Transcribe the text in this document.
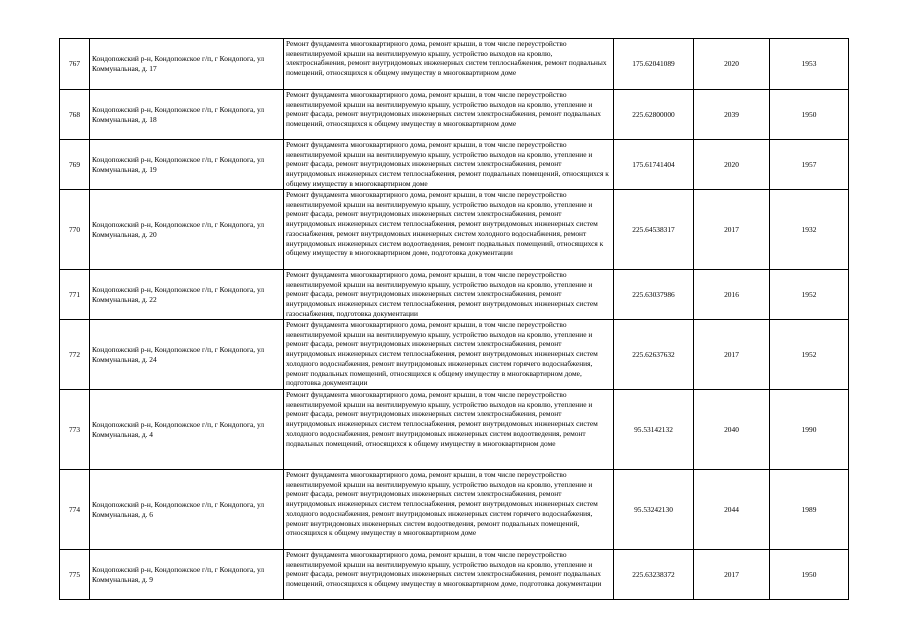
767	Кондопожский р-н, Кондопожское г/п, г Кондопога, ул Коммунальная, д. 17	Ремонт фундамента многоквартирного дома, ремонт крыши, в том числе переустройство невентилируемой крыши на вентилируемую крышу, устройство выходов на кровлю, электроснабжения, ремонт внутридомовых инженерных систем теплоснабжения, ремонт подвальных помещений, относящихся к общему имуществу в многоквартирном доме	175.62041089	2020	1953
768	Кондопожский р-н, Кондопожское г/п, г Кондопога, ул Коммунальная, д. 18	Ремонт фундамента многоквартирного дома, ремонт крыши, в том числе переустройство невентилируемой крыши на вентилируемую крышу, устройство выходов на кровлю, утепление и ремонт фасада, ремонт внутридомовых инженерных систем электроснабжения, ремонт подвальных помещений, относящихся к общему имуществу в многоквартирном доме	225.62800000	2039	1950
769	Кондопожский р-н, Кондопожское г/п, г Кондопога, ул Коммунальная, д. 19	Ремонт фундамента многоквартирного дома, ремонт крыши, в том числе переустройство невентилируемой крыши на вентилируемую крышу, устройство выходов на кровлю, утепление и ремонт фасада, ремонт внутридомовых инженерных систем электроснабжения, ремонт внутридомовых инженерных систем теплоснабжения, ремонт подвальных помещений, относящихся к общему имуществу в многоквартирном доме	175.61741404	2020	1957
770	Кондопожский р-н, Кондопожское г/п, г Кондопога, ул Коммунальная, д. 20	Ремонт фундамента многоквартирного дома, ремонт крыши, в том числе переустройство невентилируемой крыши на вентилируемую крышу, устройство выходов на кровлю, утепление и ремонт фасада, ремонт внутридомовых инженерных систем электроснабжения, ремонт внутридомовых инженерных систем теплоснабжения, ремонт внутридомовых инженерных систем газоснабжения, ремонт внутридомовых инженерных систем холодного водоснабжения, ремонт внутридомовых инженерных систем водоотведения, ремонт подвальных помещений, относящихся к общему имуществу в многоквартирном доме, подготовка документации	225.64538317	2017	1932
771	Кондопожский р-н, Кондопожское г/п, г Кондопога, ул Коммунальная, д. 22	Ремонт фундамента многоквартирного дома, ремонт крыши, в том числе переустройство невентилируемой крыши на вентилируемую крышу, устройство выходов на кровлю, утепление и ремонт фасада, ремонт внутридомовых инженерных систем электроснабжения, ремонт внутридомовых инженерных систем теплоснабжения, ремонт внутридомовых инженерных систем газоснабжения, подготовка документации	225.63037986	2016	1952
772	Кондопожский р-н, Кондопожское г/п, г Кондопога, ул Коммунальная, д. 24	Ремонт фундамента многоквартирного дома, ремонт крыши, в том числе переустройство невентилируемой крыши на вентилируемую крышу, устройство выходов на кровлю, утепление и ремонт фасада, ремонт внутридомовых инженерных систем электроснабжения, ремонт внутридомовых инженерных систем теплоснабжения, ремонт внутридомовых инженерных систем холодного водоснабжения, ремонт внутридомовых инженерных систем горячего водоснабжения, ремонт подвальных помещений, относящихся к общему имуществу в многоквартирном доме, подготовка документации	225.62637632	2017	1952
773	Кондопожский р-н, Кондопожское г/п, г Кондопога, ул Коммунальная, д. 4	Ремонт фундамента многоквартирного дома, ремонт крыши, в том числе переустройство невентилируемой крыши на вентилируемую крышу, устройство выходов на кровлю, утепление и ремонт фасада, ремонт внутридомовых инженерных систем электроснабжения, ремонт внутридомовых инженерных систем теплоснабжения, ремонт внутридомовых инженерных систем холодного водоснабжения, ремонт внутридомовых инженерных систем водоотведения, ремонт подвальных помещений, относящихся к общему имуществу в многоквартирном доме	95.53142132	2040	1990
774	Кондопожский р-н, Кондопожское г/п, г Кондопога, ул Коммунальная, д. 6	Ремонт фундамента многоквартирного дома, ремонт крыши, в том числе переустройство невентилируемой крыши на вентилируемую крышу, устройство выходов на кровлю, утепление и ремонт фасада, ремонт внутридомовых инженерных систем электроснабжения, ремонт внутридомовых инженерных систем теплоснабжения, ремонт внутридомовых инженерных систем холодного водоснабжения, ремонт внутридомовых инженерных систем горячего водоснабжения, ремонт внутридомовых инженерных систем водоотведения, ремонт подвальных помещений, относящихся к общему имуществу в многоквартирном доме	95.53242130	2044	1989
775	Кондопожский р-н, Кондопожское г/п, г Кондопога, ул Коммунальная, д. 9	Ремонт фундамента многоквартирного дома, ремонт крыши, в том числе переустройство невентилируемой крыши на вентилируемую крышу, устройство выходов на кровлю, утепление и ремонт фасада, ремонт внутридомовых инженерных систем электроснабжения, ремонт подвальных помещений, относящихся к общему имуществу в многоквартирном доме, подготовка документации	225.63238372	2017	1950
